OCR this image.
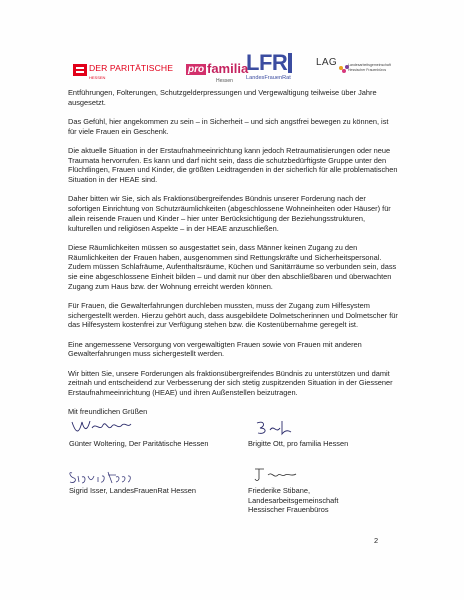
DER PARITÄTISCHE
HESSEN
pro familia
Hessen
LFR
LandesFrauenRat
LAG	Landesarbeitsgemeinschaft
Hessischer Frauenbüros

Entführungen, Folterungen, Schutzgelderpressungen und Vergewaltigung teilweise über Jahre ausgesetzt.

Das Gefühl, hier angekommen zu sein – in Sicherheit – und sich angstfrei bewegen zu können, ist für viele Frauen ein Geschenk.

Die aktuelle Situation in der Erstaufnahmeeinrichtung kann jedoch Retraumatisierungen oder neue Traumata hervorrufen. Es kann und darf nicht sein, dass die schutzbedürftigste Gruppe unter den Flüchtlingen, Frauen und Kinder, die größten Leidtragenden in der sicherlich für alle problematischen Situation in der HEAE sind.

Daher bitten wir Sie, sich als Fraktionsübergreifendes Bündnis unserer Forderung nach der sofortigen Einrichtung von Schutzräumlichkeiten (abgeschlossene Wohneinheiten oder Häuser) für allein reisende Frauen und Kinder – hier unter Berücksichtigung der Beziehungsstrukturen, kulturellen und religiösen Aspekte – in der HEAE anzuschließen.

Diese Räumlichkeiten müssen so ausgestattet sein, dass Männer keinen Zugang zu den Räumlichkeiten der Frauen haben, ausgenommen sind Rettungskräfte und Sicherheitspersonal. Zudem müssen Schlafräume, Aufenthaltsräume, Küchen und Sanitärräume so verbunden sein, dass sie eine abgeschlossene Einheit bilden – und damit nur über den abschließbaren und überwachten Zugang zum Haus bzw. der Wohnung erreicht werden können.

Für Frauen, die Gewalterfahrungen durchleben mussten, muss der Zugang zum Hilfesystem sichergestellt werden. Hierzu gehört auch, dass ausgebildete Dolmetscherinnen und Dolmetscher für das Hilfesystem kostenfrei zur Verfügung stehen bzw. die Kostenübernahme geregelt ist.

Eine angemessene Versorgung von vergewaltigten Frauen sowie von Frauen mit anderen Gewalterfahrungen muss sichergestellt werden.

Wir bitten Sie, unsere Forderungen als fraktionsübergreifendes Bündnis zu unterstützen und damit zeitnah und entscheidend zur Verbesserung der sich stetig zuspitzenden Situation in der Giessener Erstaufnahmeeinrichtung (HEAE) und ihren Außenstellen beizutragen.

Mit freundlichen Grüßen

Günter Woltering, Der Paritätische Hessen	Brigitte Ott, pro familia Hessen
Sigrid Isser, LandesFrauenRat Hessen	Friederike Stibane,
Landesarbeitsgemeinschaft
Hessischer Frauenbüros
2
